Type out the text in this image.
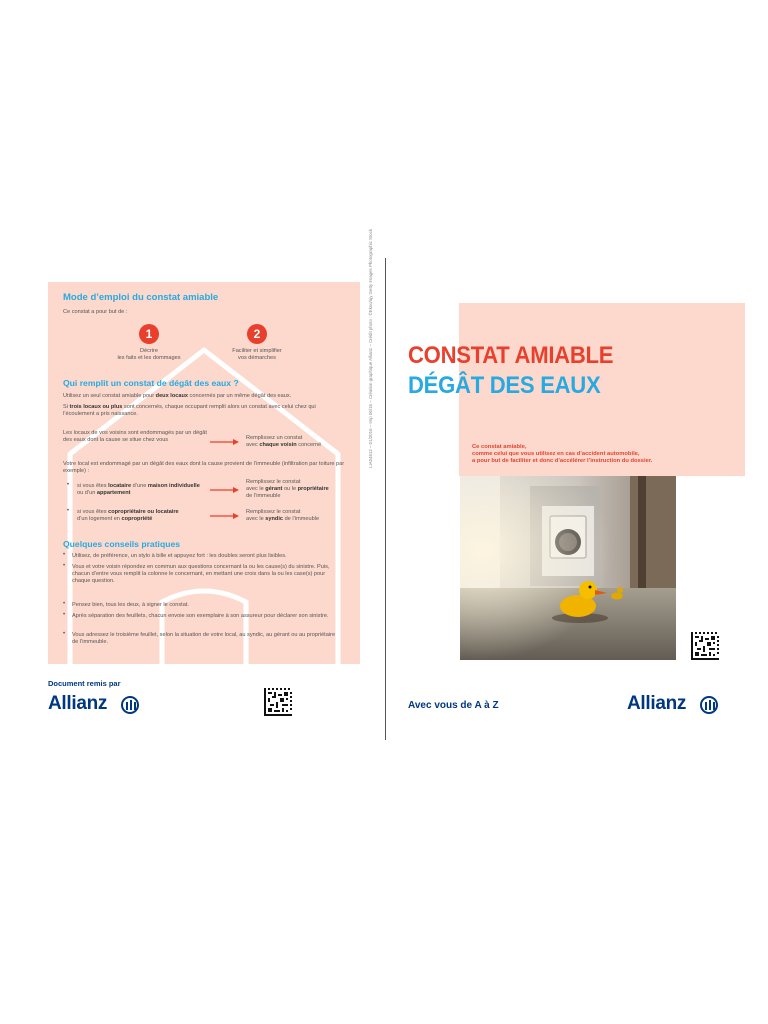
Mode d’emploi du constat amiable
Ce constat a pour but de :
1
Décrire
les faits et les dommages
2
Faciliter et simplifier
vos démarches
Qui remplit un constat de dégât des eaux ?
Utilisez un seul constat amiable pour deux locaux concernés par un même dégât des eaux.
Si trois locaux ou plus sont concernés, chaque occupant remplit alors un constat avec celui chez qui l’écoulement a pris naissance.
Les locaux de vos voisins sont endommagés par un dégât des eaux dont la cause se situe chez vous	Remplissez un constat
avec chaque voisin concerné
Votre local est endommagé par un dégât des eaux dont la cause provient de l’immeuble (infiltration par toiture par exemple) :
• si vous êtes locataire d’une maison individuelle ou d’un appartement
Remplissez le constat
avec le gérant ou le propriétaire
de l’immeuble
• si vous êtes copropriétaire ou locataire
d’un logement en copropriété
Remplissez le constat
avec le syndic de l’immeuble
Quelques conseils pratiques
• Utilisez, de préférence, un stylo à bille et appuyez fort : les doubles seront plus lisibles.
• Vous et votre voisin répondez en commun aux questions concernant la ou les cause(s) du sinistre. Puis, chacun d’entre vous remplit la colonne le concernant, en mettant une croix dans la ou les case(s) pour chaque question.
• Pensez bien, tous les deux, à signer le constat.
• Après séparation des feuillets, chacun envoie son exemplaire à son assureur pour déclarer son sinistre.
• Vous adressez le troisième feuillet, selon la situation de votre local, au syndic, au gérant ou au propriétaire de l’immeuble.
Document remis par
Allianz
LIA04512 – 01/2016 – Imp 06/16 – Création graphique Allianz – Crédit photo : ©Ekso/ajy Getty Images Photographic Stock CONSTAT AMIABLE
DÉGÂT DES EAUX
Ce constat amiable,
comme celui que vous utilisez en cas d’accident automobile,
a pour but de faciliter et donc d’accélérer l’instruction du dossier.
Avec vous de A à Z	Allianz
